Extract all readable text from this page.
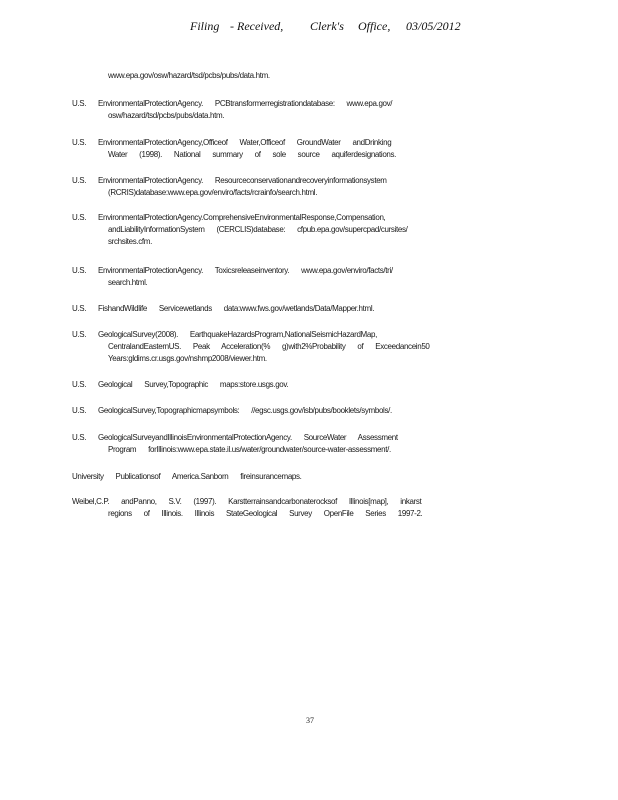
Filing

- Received,

Clerk's

Office,

03/05/2012

www.epa.gov/osw/hazard/tsd/pcbs/pubs/data.htm.
U.S. EnvironmentalProtectionAgency. PCBtransformerregistrationdatabase: www.epa.gov/
osw/hazard/tsd/pcbs/pubs/data.htm.
U.S. EnvironmentalProtectionAgency,Officeof Water,Officeof GroundWater andDrinking
Water (1998). National summary of sole source aquiferdesignations.
U.S. EnvironmentalProtectionAgency. Resourceconservationandrecoveryinformationsystem
(RCRIS)database:www.epa.gov/enviro/facts/rcrainfo/search.html.
U.S. EnvironmentalProtectionAgency.ComprehensiveEnvironmentalResponse,Compensation,
andLiabilityInformationSystem (CERCLIS)database: cfpub.epa.gov/supercpad/cursites/
srchsites.cfm.
U.S. EnvironmentalProtectionAgency. Toxicsreleaseinventory. www.epa.gov/enviro/facts/tri/
search.html.
U.S. FishandWildlife Servicewetlands data:www.fws.gov/wetlands/Data/Mapper.html.
U.S. GeologicalSurvey(2008). EarthquakeHazardsProgram,NationalSeismicHazardMap,
CentralandEasternUS. Peak Acceleration(% g)with2%Probability of Exceedancein50
Years:gldims.cr.usgs.gov/nshmp2008/viewer.htm.
U.S. Geological Survey,Topographic maps:store.usgs.gov.
U.S. GeologicalSurvey,Topographicmapsymbols: //egsc.usgs.gov/isb/pubs/booklets/symbols/.
U.S. GeologicalSurveyandIllinoisEnvironmentalProtectionAgency. SourceWater Assessment
Program forIllinois:www.epa.state.il.us/water/groundwater/source-water-assessment/.
University Publicationsof America.Sanborn fireinsurancemaps.
Weibel,C.P. andPanno, S.V. (1997). Karstterrainsandcarbonaterocksof Illinois[map], inkarst
regions of Illinois. Illinois StateGeological Survey OpenFile Series 1997-2.
37
